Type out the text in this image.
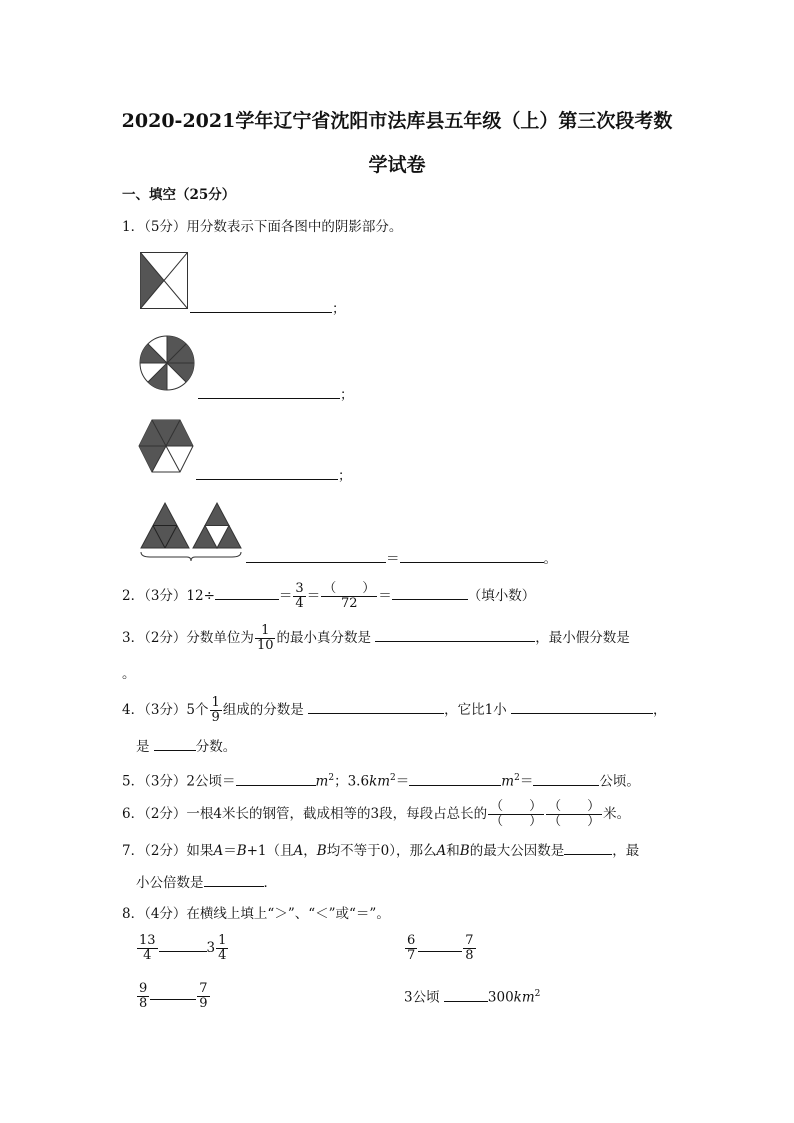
2020-2021学年辽宁省沈阳市法库县五年级（上）第三次段考数
学试卷
一、填空（25分）
1．（5分）用分数表示下面各图中的阴影部分。
；
；
；
＝	。
2．（3分）12÷	＝ $\frac{3}{4} = \frac{( )}{72}$ ＝	（填小数）
3．（2分）分数单位为 $\frac{1}{10}$ 的最小真分数是	，最小假分数是
。
4．（3分）5个 $\frac{1}{9}$ 组成的分数是	，它比1小	，
是	分数。
5．（3分）2公顷＝	$m^2$；$3.6km^2=$	$m^2=$	公顷。
6．（2分）一根4米长的钢管，截成相等的3段，每段占总长的 $\frac{( )}{( )} \frac{( )}{( )}$ 米。
7．（2分）如果A＝B+1（且A，B均不等于0），那么A和B的最大公因数是	，最
小公倍数是	．
8．（4分）在横线上填上“＞”、“＜”或“＝”。
$\frac{13}{4}$	$3 \frac{1}{4}$	$\frac{6}{7}$	$\frac{7}{8}$
$\frac{9}{8}$	$\frac{7}{9}$	3公顷	$300km^2$
